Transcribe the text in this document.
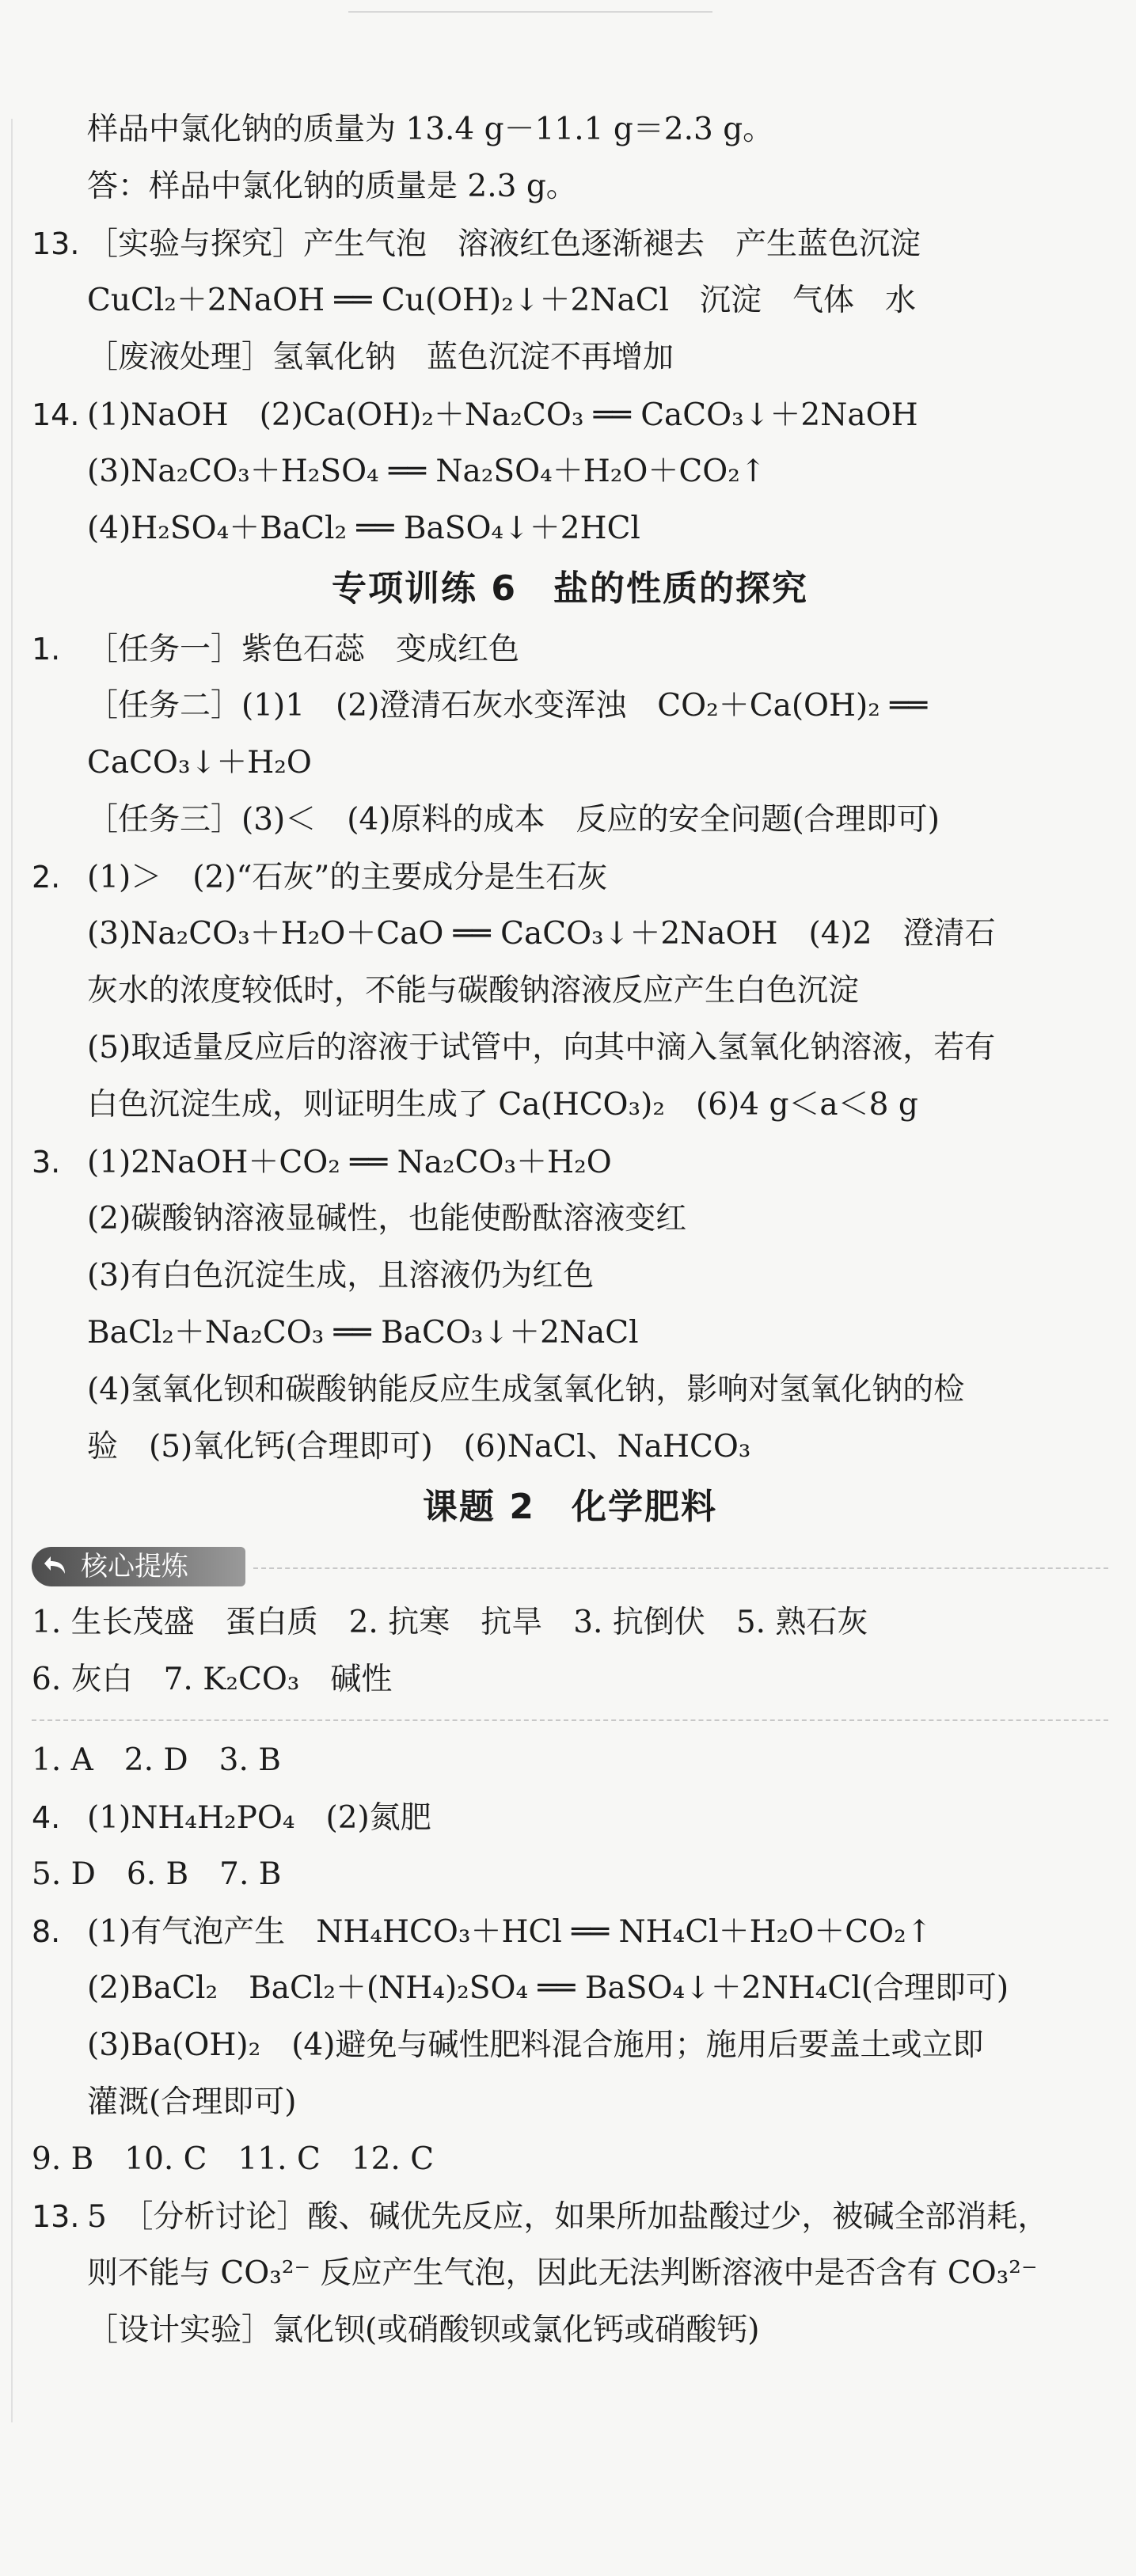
样品中氯化钠的质量为 13.4 g－11.1 g＝2.3 g。
答：样品中氯化钠的质量是 2.3 g。
13. ［实验与探究］产生气泡　溶液红色逐渐褪去　产生蓝色沉淀
CuCl₂＋2NaOH ══ Cu(OH)₂↓＋2NaCl　沉淀　气体　水
［废液处理］氢氧化钠　蓝色沉淀不再增加
14. (1)NaOH　(2)Ca(OH)₂＋Na₂CO₃ ══ CaCO₃↓＋2NaOH
(3)Na₂CO₃＋H₂SO₄ ══ Na₂SO₄＋H₂O＋CO₂↑
(4)H₂SO₄＋BaCl₂ ══ BaSO₄↓＋2HCl
专项训练 6　盐的性质的探究
1. ［任务一］紫色石蕊　变成红色
［任务二］(1)1　(2)澄清石灰水变浑浊　CO₂＋Ca(OH)₂ ══
CaCO₃↓＋H₂O
［任务三］(3)＜　(4)原料的成本　反应的安全问题(合理即可)
2. (1)＞　(2)“石灰”的主要成分是生石灰
(3)Na₂CO₃＋H₂O＋CaO ══ CaCO₃↓＋2NaOH　(4)2　澄清石
灰水的浓度较低时，不能与碳酸钠溶液反应产生白色沉淀
(5)取适量反应后的溶液于试管中，向其中滴入氢氧化钠溶液，若有
白色沉淀生成，则证明生成了 Ca(HCO₃)₂　(6)4 g＜a＜8 g
3. (1)2NaOH＋CO₂ ══ Na₂CO₃＋H₂O
(2)碳酸钠溶液显碱性，也能使酚酞溶液变红
(3)有白色沉淀生成，且溶液仍为红色
BaCl₂＋Na₂CO₃ ══ BaCO₃↓＋2NaCl
(4)氢氧化钡和碳酸钠能反应生成氢氧化钠，影响对氢氧化钠的检
验　(5)氧化钙(合理即可)　(6)NaCl、NaHCO₃
课题 2　化学肥料
核心提炼
1. 生长茂盛　蛋白质　2. 抗寒　抗旱　3. 抗倒伏　5. 熟石灰
6. 灰白　7. K₂CO₃　碱性
1. A　2. D　3. B
4. (1)NH₄H₂PO₄　(2)氮肥
5. D　6. B　7. B
8. (1)有气泡产生　NH₄HCO₃＋HCl ══ NH₄Cl＋H₂O＋CO₂↑
(2)BaCl₂　BaCl₂＋(NH₄)₂SO₄ ══ BaSO₄↓＋2NH₄Cl(合理即可)
(3)Ba(OH)₂　(4)避免与碱性肥料混合施用；施用后要盖土或立即
灌溉(合理即可)
9. B　10. C　11. C　12. C
13. 5　［分析讨论］酸、碱优先反应，如果所加盐酸过少，被碱全部消耗，
则不能与 CO₃²⁻ 反应产生气泡，因此无法判断溶液中是否含有 CO₃²⁻
［设计实验］氯化钡(或硝酸钡或氯化钙或硝酸钙)
